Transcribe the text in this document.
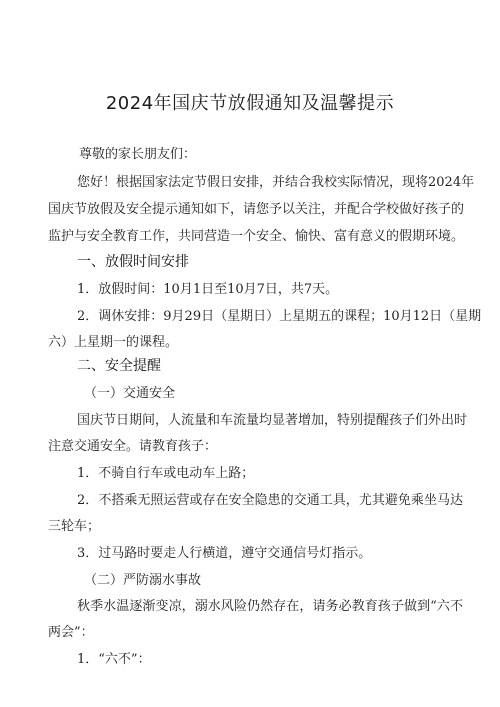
2024年国庆节放假通知及温馨提示
尊敬的家长朋友们：
您好！根据国家法定节假日安排，并结合我校实际情况，现将2024年
国庆节放假及安全提示通知如下，请您予以关注，并配合学校做好孩子的
监护与安全教育工作，共同营造一个安全、愉快、富有意义的假期环境。
一、放假时间安排
1．放假时间：10月1日至10月7日，共7天。
2．调休安排：9月29日（星期日）上星期五的课程；10月12日（星期
六）上星期一的课程。
二、安全提醒
（一）交通安全
国庆节日期间，人流量和车流量均显著增加，特别提醒孩子们外出时
注意交通安全。请教育孩子：
1．不骑自行车或电动车上路；
2．不搭乘无照运营或存在安全隐患的交通工具，尤其避免乘坐马达
三轮车；
3．过马路时要走人行横道，遵守交通信号灯指示。
（二）严防溺水事故
秋季水温逐渐变凉，溺水风险仍然存在，请务必教育孩子做到“六不
两会”：
1．“六不”：
